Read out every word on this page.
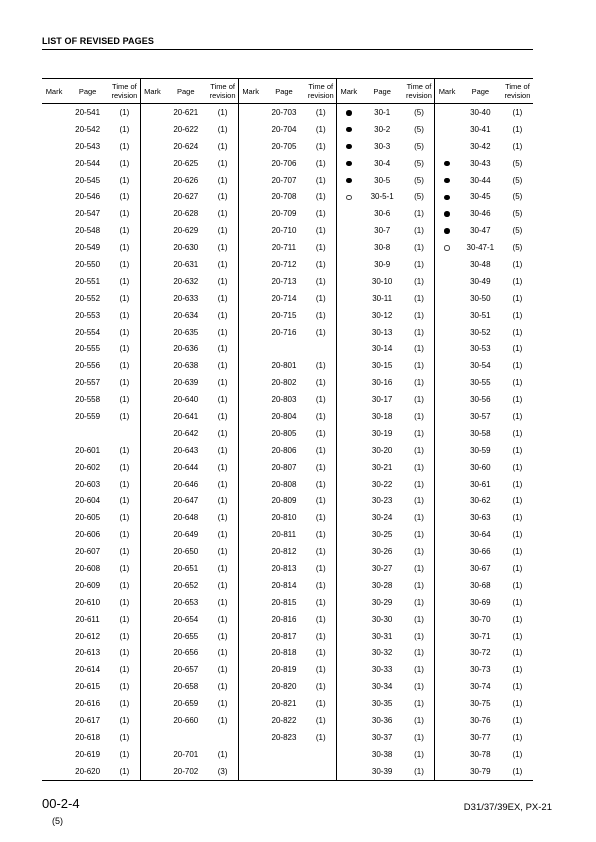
LIST OF REVISED PAGES
Mark	Page	Time of
revision	Mark	Page	Time of
revision	Mark	Page	Time of
revision	Mark	Page	Time of
revision	Mark	Page	Time of
revision
	20-541	(1)		20-621	(1)		20-703	(1)		30-1	(5)		30-40	(1)
	20-542	(1)		20-622	(1)		20-704	(1)		30-2	(5)		30-41	(1)
	20-543	(1)		20-624	(1)		20-705	(1)		30-3	(5)		30-42	(1)
	20-544	(1)		20-625	(1)		20-706	(1)		30-4	(5)		30-43	(5)
	20-545	(1)		20-626	(1)		20-707	(1)		30-5	(5)		30-44	(5)
	20-546	(1)		20-627	(1)		20-708	(1)		30-5-1	(5)		30-45	(5)
	20-547	(1)		20-628	(1)		20-709	(1)		30-6	(1)		30-46	(5)
	20-548	(1)		20-629	(1)		20-710	(1)		30-7	(1)		30-47	(5)
	20-549	(1)		20-630	(1)		20-711	(1)		30-8	(1)		30-47-1	(5)
	20-550	(1)		20-631	(1)		20-712	(1)		30-9	(1)		30-48	(1)
	20-551	(1)		20-632	(1)		20-713	(1)		30-10	(1)		30-49	(1)
	20-552	(1)		20-633	(1)		20-714	(1)		30-11	(1)		30-50	(1)
	20-553	(1)		20-634	(1)		20-715	(1)		30-12	(1)		30-51	(1)
	20-554	(1)		20-635	(1)		20-716	(1)		30-13	(1)		30-52	(1)
	20-555	(1)		20-636	(1)					30-14	(1)		30-53	(1)
	20-556	(1)		20-638	(1)		20-801	(1)		30-15	(1)		30-54	(1)
	20-557	(1)		20-639	(1)		20-802	(1)		30-16	(1)		30-55	(1)
	20-558	(1)		20-640	(1)		20-803	(1)		30-17	(1)		30-56	(1)
	20-559	(1)		20-641	(1)		20-804	(1)		30-18	(1)		30-57	(1)
				20-642	(1)		20-805	(1)		30-19	(1)		30-58	(1)
	20-601	(1)		20-643	(1)		20-806	(1)		30-20	(1)		30-59	(1)
	20-602	(1)		20-644	(1)		20-807	(1)		30-21	(1)		30-60	(1)
	20-603	(1)		20-646	(1)		20-808	(1)		30-22	(1)		30-61	(1)
	20-604	(1)		20-647	(1)		20-809	(1)		30-23	(1)		30-62	(1)
	20-605	(1)		20-648	(1)		20-810	(1)		30-24	(1)		30-63	(1)
	20-606	(1)		20-649	(1)		20-811	(1)		30-25	(1)		30-64	(1)
	20-607	(1)		20-650	(1)		20-812	(1)		30-26	(1)		30-66	(1)
	20-608	(1)		20-651	(1)		20-813	(1)		30-27	(1)		30-67	(1)
	20-609	(1)		20-652	(1)		20-814	(1)		30-28	(1)		30-68	(1)
	20-610	(1)		20-653	(1)		20-815	(1)		30-29	(1)		30-69	(1)
	20-611	(1)		20-654	(1)		20-816	(1)		30-30	(1)		30-70	(1)
	20-612	(1)		20-655	(1)		20-817	(1)		30-31	(1)		30-71	(1)
	20-613	(1)		20-656	(1)		20-818	(1)		30-32	(1)		30-72	(1)
	20-614	(1)		20-657	(1)		20-819	(1)		30-33	(1)		30-73	(1)
	20-615	(1)		20-658	(1)		20-820	(1)		30-34	(1)		30-74	(1)
	20-616	(1)		20-659	(1)		20-821	(1)		30-35	(1)		30-75	(1)
	20-617	(1)		20-660	(1)		20-822	(1)		30-36	(1)		30-76	(1)
	20-618	(1)					20-823	(1)		30-37	(1)		30-77	(1)
	20-619	(1)		20-701	(1)					30-38	(1)		30-78	(1)
	20-620	(1)		20-702	(3)					30-39	(1)		30-79	(1)
00-2-4
(5)
D31/37/39EX, PX-21
